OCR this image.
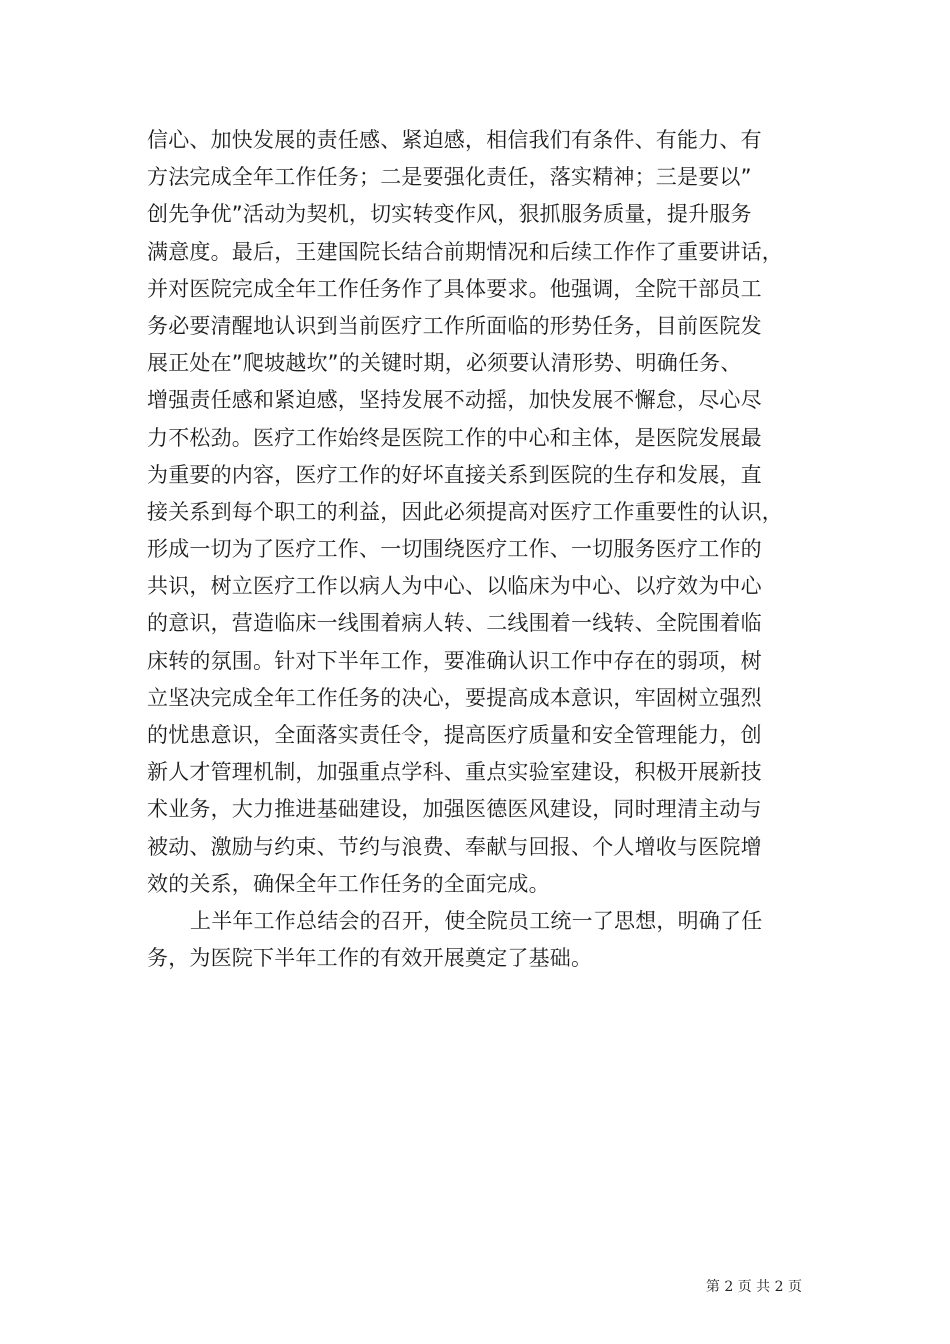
信心、加快发展的责任感、紧迫感，相信我们有条件、有能力、有
方法完成全年工作任务；二是要强化责任，落实精神；三是要以”
创先争优”活动为契机，切实转变作风，狠抓服务质量，提升服务
满意度。最后，王建国院长结合前期情况和后续工作作了重要讲话，
并对医院完成全年工作任务作了具体要求。他强调，全院干部员工
务必要清醒地认识到当前医疗工作所面临的形势任务，目前医院发
展正处在”爬坡越坎”的关键时期，必须要认清形势、明确任务、
增强责任感和紧迫感，坚持发展不动摇，加快发展不懈怠，尽心尽
力不松劲。医疗工作始终是医院工作的中心和主体，是医院发展最
为重要的内容，医疗工作的好坏直接关系到医院的生存和发展，直
接关系到每个职工的利益，因此必须提高对医疗工作重要性的认识，
形成一切为了医疗工作、一切围绕医疗工作、一切服务医疗工作的
共识，树立医疗工作以病人为中心、以临床为中心、以疗效为中心
的意识，营造临床一线围着病人转、二线围着一线转、全院围着临
床转的氛围。针对下半年工作，要准确认识工作中存在的弱项，树
立坚决完成全年工作任务的决心，要提高成本意识，牢固树立强烈
的忧患意识，全面落实责任令，提高医疗质量和安全管理能力，创
新人才管理机制，加强重点学科、重点实验室建设，积极开展新技
术业务，大力推进基础建设，加强医德医风建设，同时理清主动与
被动、激励与约束、节约与浪费、奉献与回报、个人增收与医院增
效的关系，确保全年工作任务的全面完成。
上半年工作总结会的召开，使全院员工统一了思想，明确了任
务，为医院下半年工作的有效开展奠定了基础。
第 2 页 共 2 页
